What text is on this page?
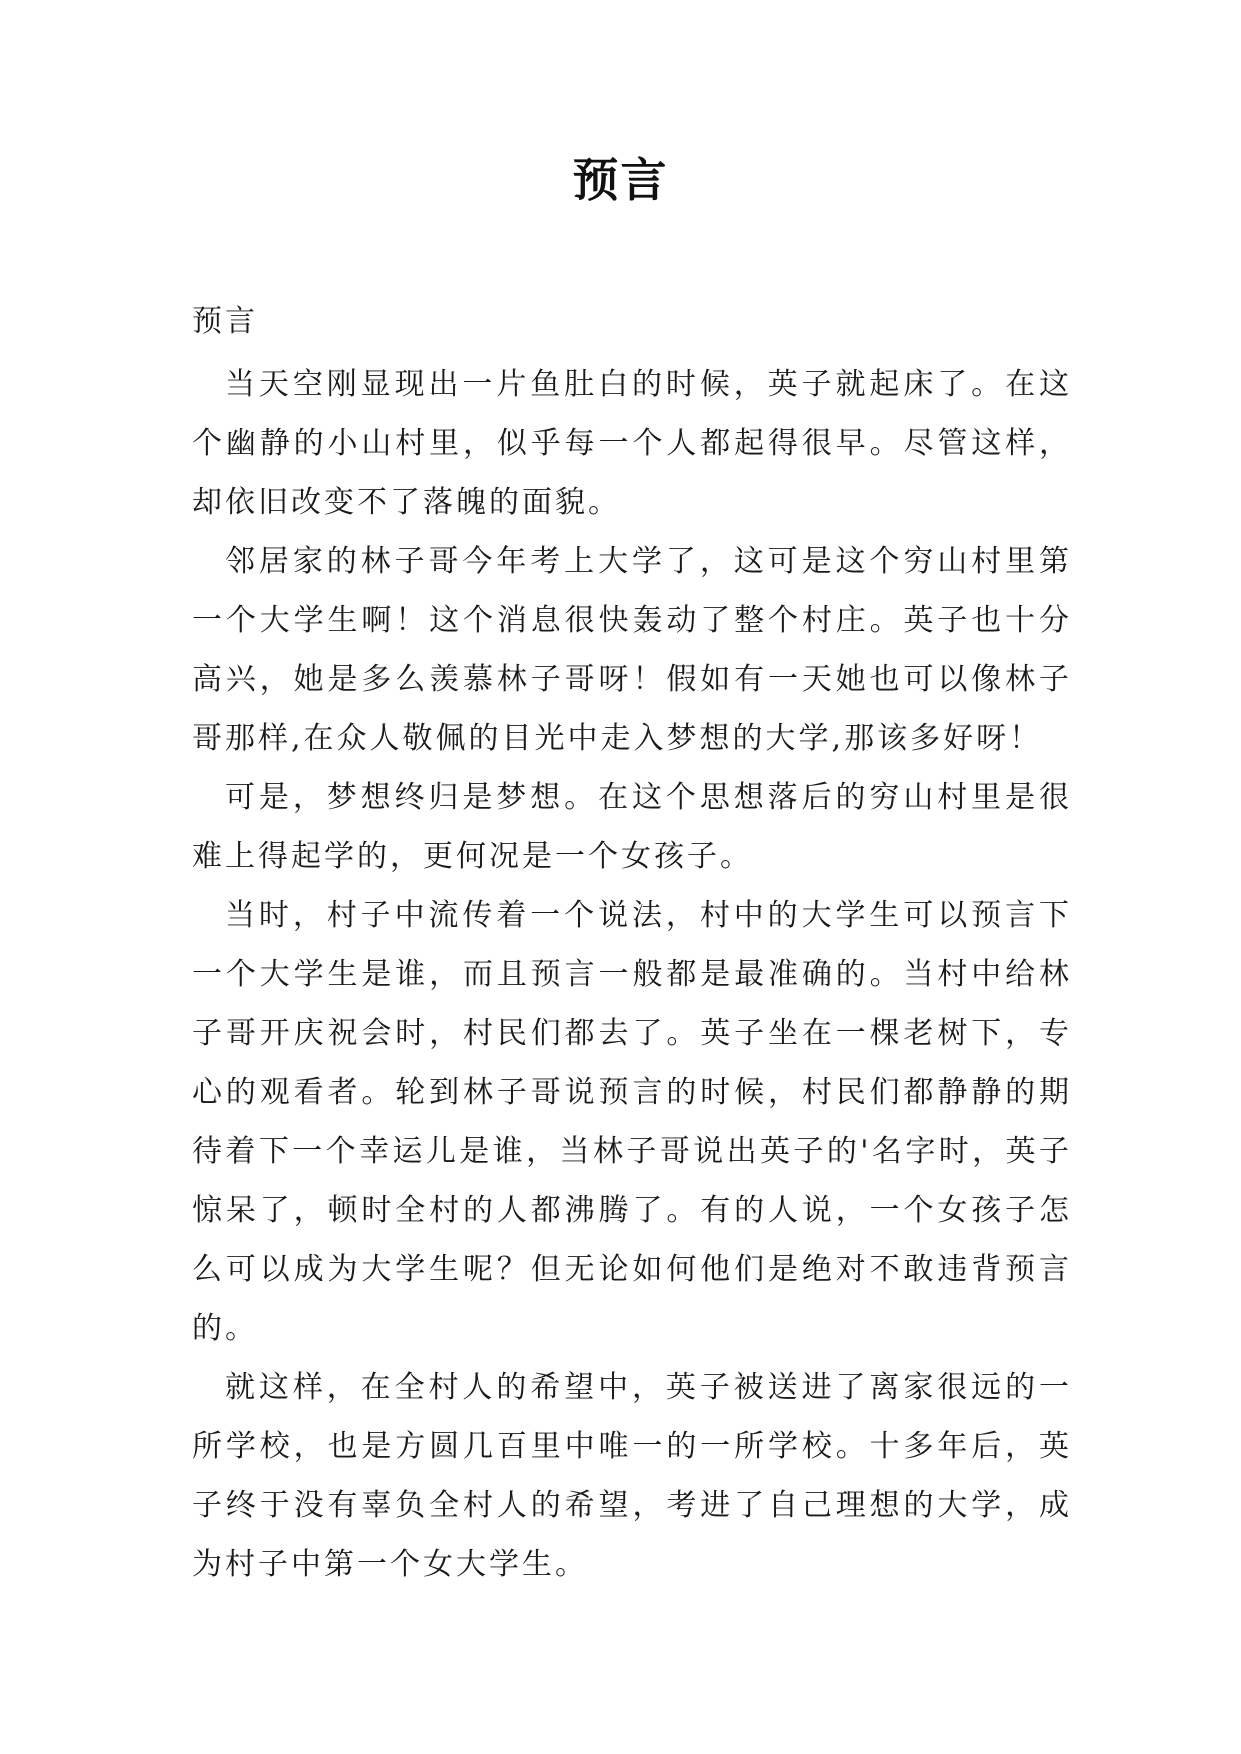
预言

预言

当天空刚显现出一片鱼肚白的时候，英子就起床了。在这个幽静的小山村里，似乎每一个人都起得很早。尽管这样，却依旧改变不了落魄的面貌。

邻居家的林子哥今年考上大学了，这可是这个穷山村里第一个大学生啊！这个消息很快轰动了整个村庄。英子也十分高兴，她是多么羡慕林子哥呀！假如有一天她也可以像林子哥那样,在众人敬佩的目光中走入梦想的大学,那该多好呀！

可是，梦想终归是梦想。在这个思想落后的穷山村里是很难上得起学的，更何况是一个女孩子。

当时，村子中流传着一个说法，村中的大学生可以预言下一个大学生是谁，而且预言一般都是最准确的。当村中给林子哥开庆祝会时，村民们都去了。英子坐在一棵老树下，专心的观看者。轮到林子哥说预言的时候，村民们都静静的期待着下一个幸运儿是谁，当林子哥说出英子的'名字时，英子惊呆了，顿时全村的人都沸腾了。有的人说，一个女孩子怎么可以成为大学生呢？但无论如何他们是绝对不敢违背预言的。

就这样，在全村人的希望中，英子被送进了离家很远的一所学校，也是方圆几百里中唯一的一所学校。十多年后，英子终于没有辜负全村人的希望，考进了自己理想的大学，成为村子中第一个女大学生。
